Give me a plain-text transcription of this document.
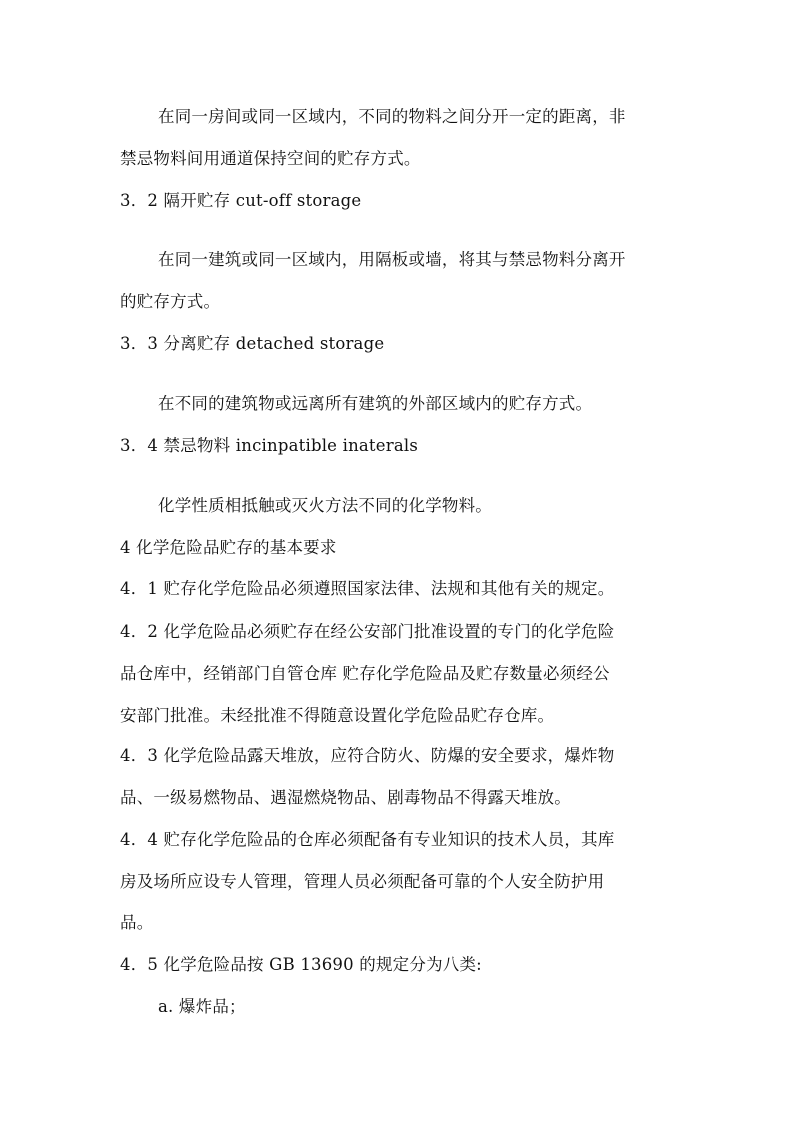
在同一房间或同一区域内，不同的物料之间分开一定的距离，非
禁忌物料间用通道保持空间的贮存方式。
3．2 隔开贮存 cut-off storage
在同一建筑或同一区域内，用隔板或墙，将其与禁忌物料分离开
的贮存方式。
3．3 分离贮存 detached storage
在不同的建筑物或远离所有建筑的外部区域内的贮存方式。
3．4 禁忌物料 incinpatible inaterals
化学性质相抵触或灭火方法不同的化学物料。
4 化学危险品贮存的基本要求
4．1 贮存化学危险品必须遵照国家法律、法规和其他有关的规定。
4．2 化学危险品必须贮存在经公安部门批准设置的专门的化学危险
品仓库中，经销部门自管仓库 贮存化学危险品及贮存数量必须经公
安部门批准。未经批准不得随意设置化学危险品贮存仓库。
4．3 化学危险品露天堆放，应符合防火、防爆的安全要求，爆炸物
品、一级易燃物品、遇湿燃烧物品、剧毒物品不得露天堆放。
4．4 贮存化学危险品的仓库必须配备有专业知识的技术人员，其库
房及场所应设专人管理，管理人员必须配备可靠的个人安全防护用
品。
4．5 化学危险品按 GB 13690 的规定分为八类:
a. 爆炸品；
